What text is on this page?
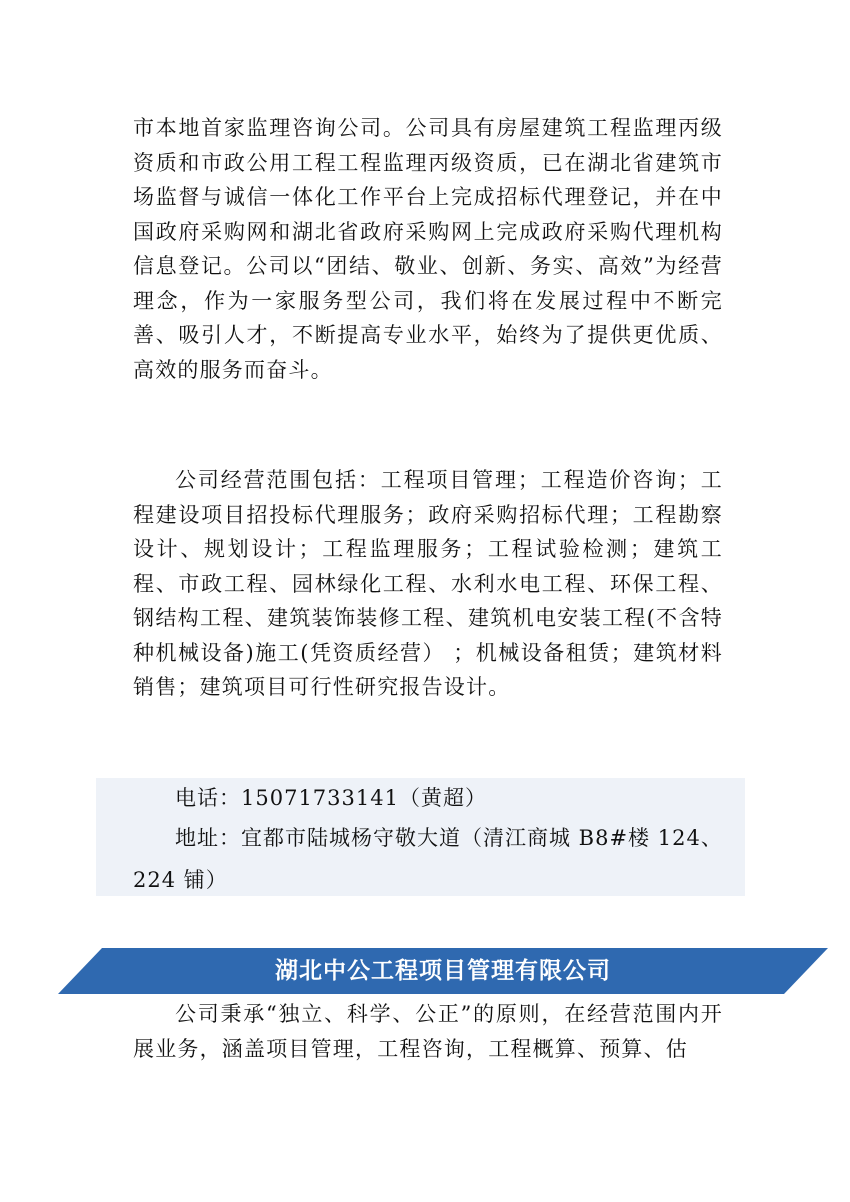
市本地首家监理咨询公司。公司具有房屋建筑工程监理丙级资质和市政公用工程工程监理丙级资质，已在湖北省建筑市场监督与诚信一体化工作平台上完成招标代理登记，并在中国政府采购网和湖北省政府采购网上完成政府采购代理机构信息登记。公司以“团结、敬业、创新、务实、高效”为经营理念，作为一家服务型公司，我们将在发展过程中不断完善、吸引人才，不断提高专业水平，始终为了提供更优质、高效的服务而奋斗。

公司经营范围包括：工程项目管理；工程造价咨询；工程建设项目招投标代理服务；政府采购招标代理；工程勘察设计、规划设计；工程监理服务；工程试验检测；建筑工程、市政工程、园林绿化工程、水利水电工程、环保工程、钢结构工程、建筑装饰装修工程、建筑机电安装工程(不含特种机械设备)施工(凭资质经营） ；机械设备租赁；建筑材料销售；建筑项目可行性研究报告设计。

电话：15071733141（黄超）

地址：宜都市陆城杨守敬大道（清江商城 B8#楼 124、

224 铺）

湖北中公工程项目管理有限公司

公司秉承“独立、科学、公正”的原则，在经营范围内开展业务，涵盖项目管理，工程咨询，工程概算、预算、估
